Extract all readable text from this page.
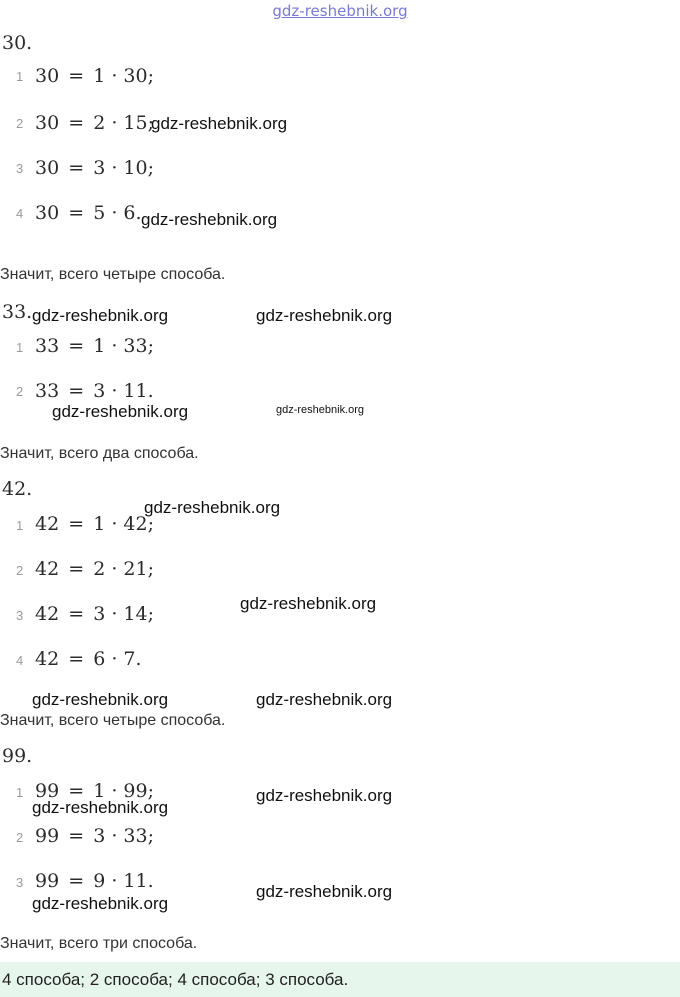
gdz-reshebnik.org
30.
1 30 = 1 · 30;
2 30 = 2 · 15;
3 30 = 3 · 10;
4 30 = 5 · 6.
Значит, всего четыре способа.
33.
1 33 = 1 · 33;
2 33 = 3 · 11.
Значит, всего два способа.
42.
1 42 = 1 · 42;
2 42 = 2 · 21;
3 42 = 3 · 14;
4 42 = 6 · 7.
Значит, всего четыре способа.
99.
1 99 = 1 · 99;
2 99 = 3 · 33;
3 99 = 9 · 11.
Значит, всего три способа.
4 способа; 2 способа; 4 способа; 3 способа.
gdz-reshebnik.org
gdz-reshebnik.org
gdz-reshebnik.org	gdz-reshebnik.org
gdz-reshebnik.org	gdz-reshebnik.org
gdz-reshebnik.org
gdz-reshebnik.org
gdz-reshebnik.org	gdz-reshebnik.org
gdz-reshebnik.org
gdz-reshebnik.org
gdz-reshebnik.org
gdz-reshebnik.org
